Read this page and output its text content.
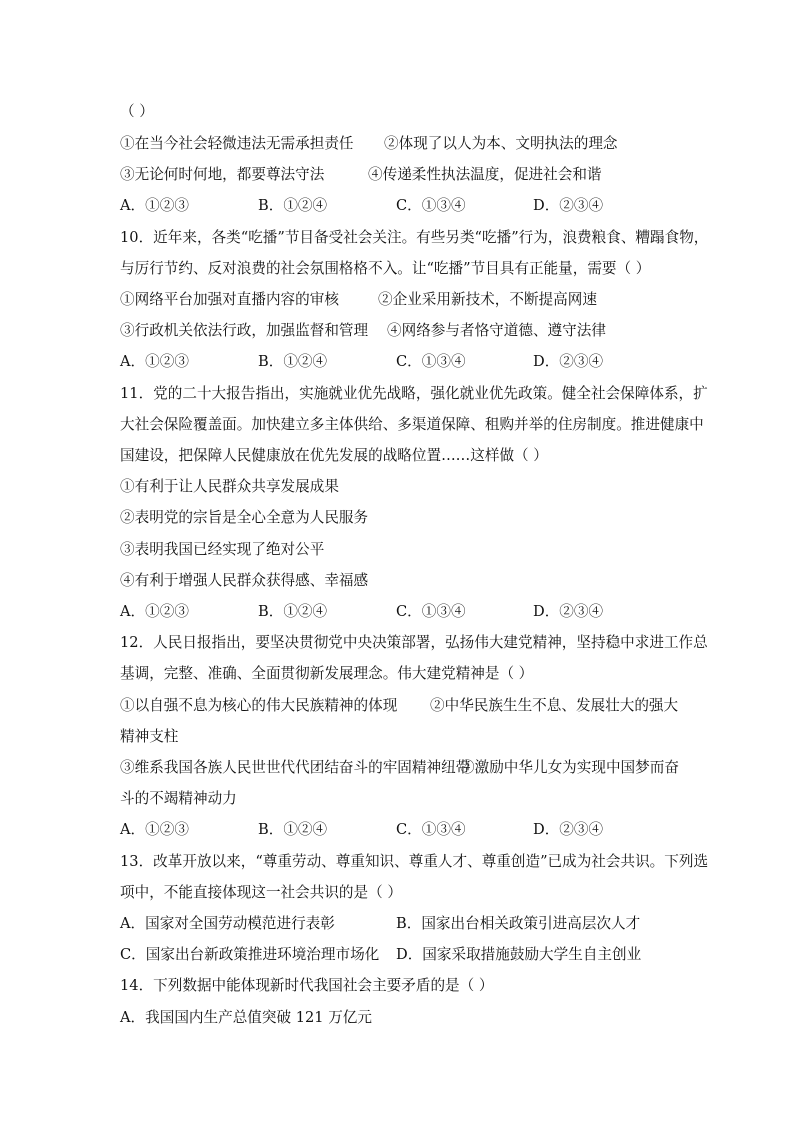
（ ）
①在当今社会轻微违法无需承担责任 ②体现了以人为本、文明执法的理念
③无论何时何地，都要尊法守法	④传递柔性执法温度，促进社会和谐
A．①②③	B．①②④	C．①③④	D．②③④
10．近年来，各类“吃播”节目备受社会关注。有些另类“吃播”行为，浪费粮食、糟蹋食物，
与厉行节约、反对浪费的社会氛围格格不入。让“吃播”节目具有正能量，需要（ ）
①网络平台加强对直播内容的审核	②企业采用新技术，不断提高网速
③行政机关依法行政，加强监督和管理 ④网络参与者恪守道德、遵守法律
A．①②③	B．①②④	C．①③④	D．②③④
11．党的二十大报告指出，实施就业优先战略，强化就业优先政策。健全社会保障体系，扩
大社会保险覆盖面。加快建立多主体供给、多渠道保障、租购并举的住房制度。推进健康中
国建设，把保障人民健康放在优先发展的战略位置……这样做（ ）
①有利于让人民群众共享发展成果
②表明党的宗旨是全心全意为人民服务
③表明我国已经实现了绝对公平
④有利于增强人民群众获得感、幸福感
A．①②③	B．①②④	C．①③④	D．②③④
12．人民日报指出，要坚决贯彻党中央决策部署，弘扬伟大建党精神，坚持稳中求进工作总
基调，完整、准确、全面贯彻新发展理念。伟大建党精神是（ ）
①以自强不息为核心的伟大民族精神的体现 ②中华民族生生不息、发展壮大的强大
精神支柱
③维系我国各族人民世世代代团结奋斗的牢固精神纽带
④激励中华儿女为实现中国梦而奋
斗的不竭精神动力
A．①②③	B．①②④	C．①③④	D．②③④
13．改革开放以来，“尊重劳动、尊重知识、尊重人才、尊重创造”已成为社会共识。下列选
项中，不能直接体现这一社会共识的是（ ）
A．国家对全国劳动模范进行表彰	B．国家出台相关政策引进高层次人才
C．国家出台新政策推进环境治理市场化 D．国家采取措施鼓励大学生自主创业
14．下列数据中能体现新时代我国社会主要矛盾的是（ ）
A．我国国内生产总值突破 121 万亿元
